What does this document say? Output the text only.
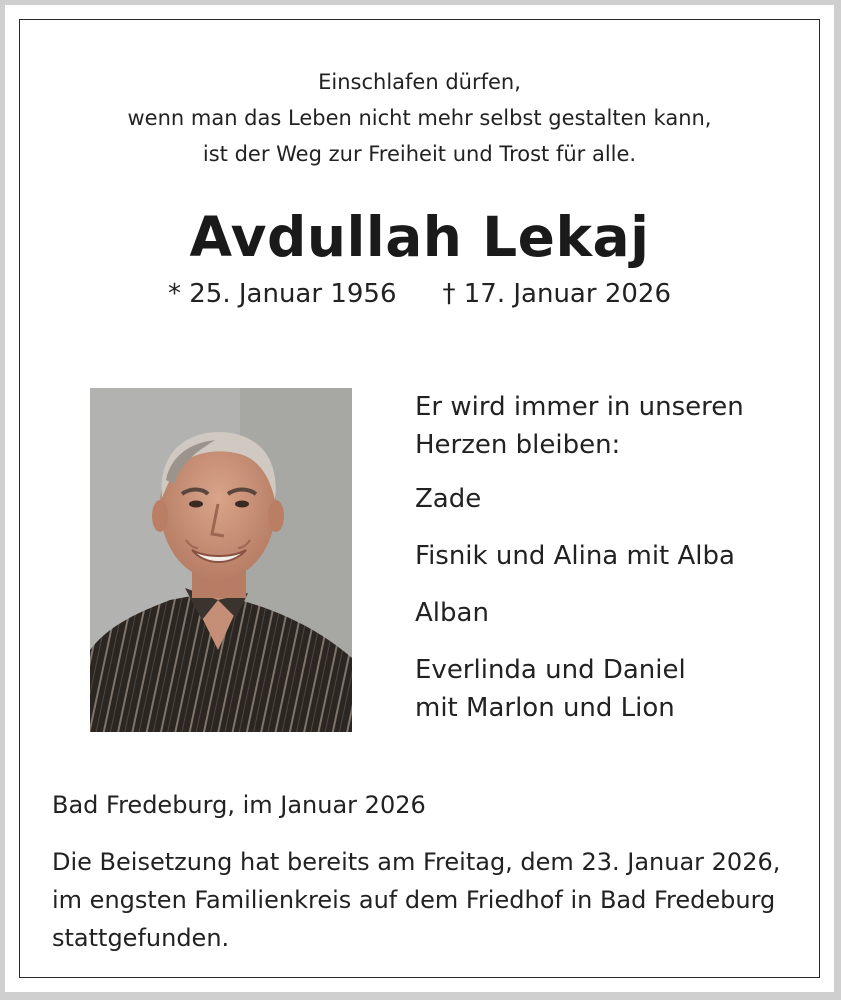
Einschlafen dürfen,
wenn man das Leben nicht mehr selbst gestalten kann,
ist der Weg zur Freiheit und Trost für alle.
Avdullah Lekaj
* 25. Januar 1956 † 17. Januar 2026
Er wird immer in unseren
Herzen bleiben:
Zade
Fisnik und Alina mit Alba
Alban
Everlinda und Daniel
mit Marlon und Lion
Bad Fredeburg, im Januar 2026
Die Beisetzung hat bereits am Freitag, dem 23. Januar 2026,
im engsten Familienkreis auf dem Friedhof in Bad Fredeburg
stattgefunden.
